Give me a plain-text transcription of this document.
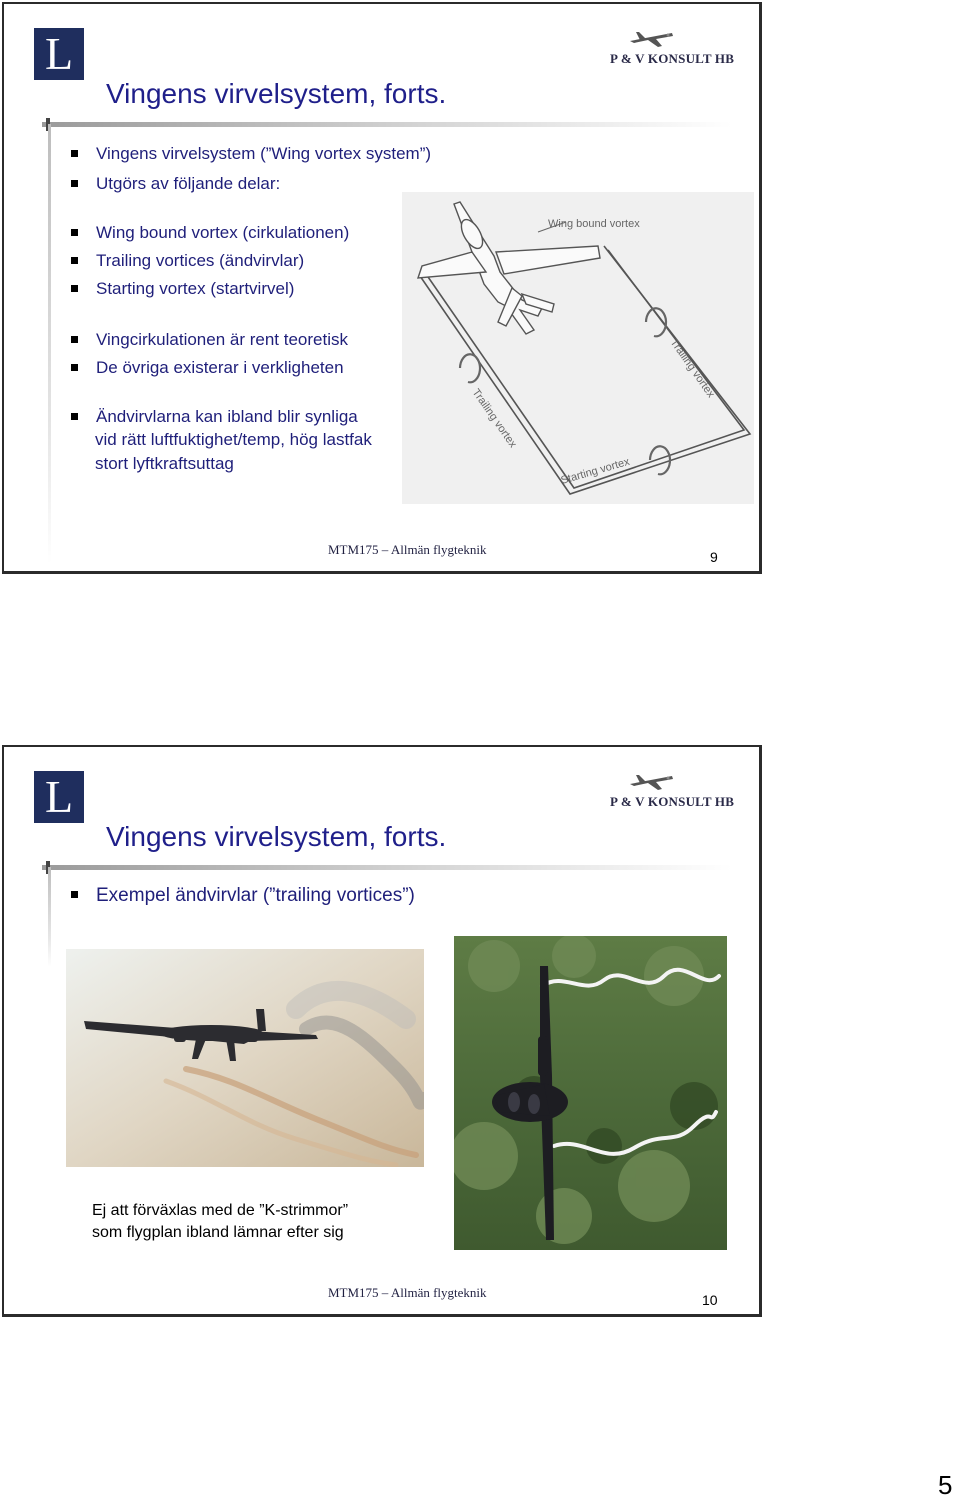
L	P & V KONSULT HB
Vingens virvelsystem, forts.
Vingens virvelsystem (”Wing vortex system”)
Utgörs av följande delar:
Wing bound vortex (cirkulationen)
Trailing vortices (ändvirvlar)
Starting vortex (startvirvel)
Vingcirkulationen är rent teoretisk
De övriga existerar i verkligheten
Ändvirvlarna kan ibland blir synliga
vid rätt luftfuktighet/temp, hög lastfak
stort lyftkraftsuttag
Wing bound vortex
Trailing vortex
Trailing vortex
Starting vortex
MTM175 – Allmän flygteknik	9
L	P & V KONSULT HB
Vingens virvelsystem, forts.
Exempel ändvirvlar (”trailing vortices”)
Ej att förväxlas med de ”K-strimmor”
som flygplan ibland lämnar efter sig
MTM175 – Allmän flygteknik	10
5
